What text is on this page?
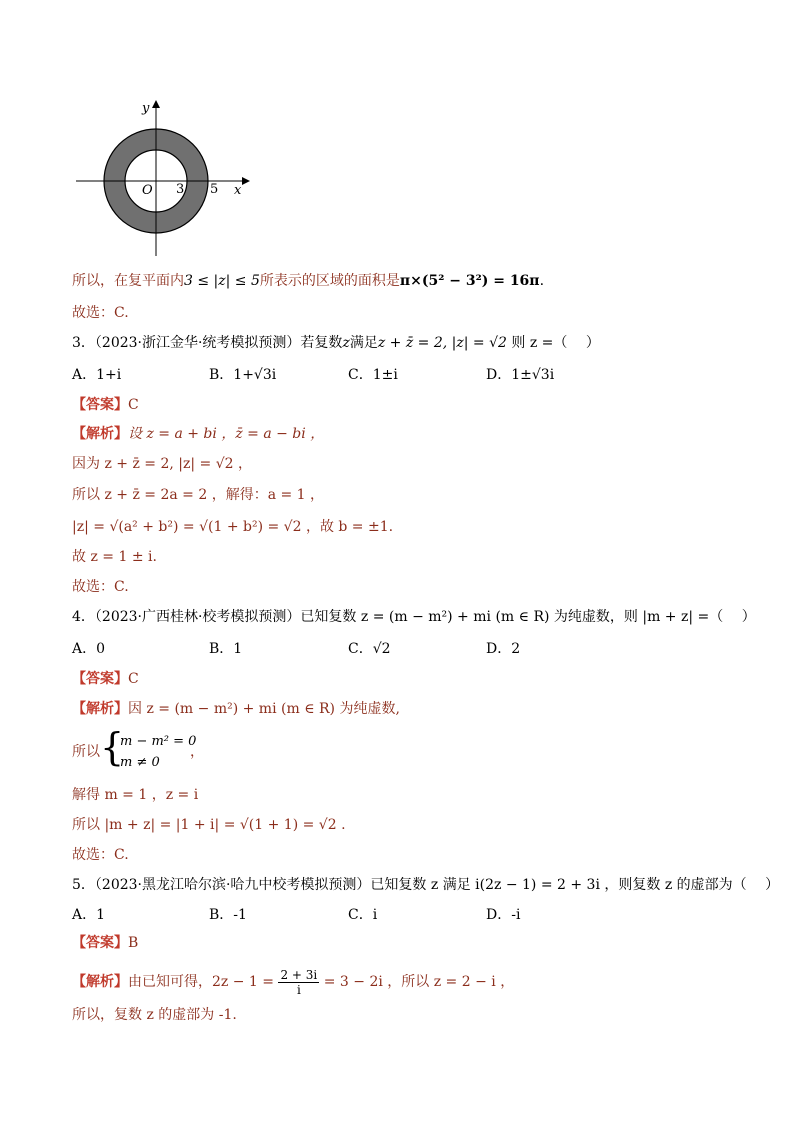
y
x
O 3 5
所以，在复平面内3 ≤ |z| ≤ 5所表示的区域的面积是π×(5² − 3²) = 16π.
故选：C.
3．（2023·浙江金华·统考模拟预测）若复数z满足z + z̄ = 2, |z| = √2 则 z =（　 ）
A．1+i	B．1+√3i	C．1±i	D．1±√3i
【答案】C
【解析】设 z = a + bi ，z̄ = a − bi ，
因为 z + z̄ = 2, |z| = √2 ，
所以 z + z̄ = 2a = 2 ，解得：a = 1 ，
|z| = √(a² + b²) = √(1 + b²) = √2 ，故 b = ±1.
故 z = 1 ± i.
故选：C.
4．（2023·广西桂林·校考模拟预测）已知复数 z = (m − m²) + mi (m ∈ R) 为纯虚数，则 |m + z| =（　 ）
A．0	B．1	C．√2	D．2
【答案】C
【解析】因 z = (m − m²) + mi (m ∈ R) 为纯虚数,
所以 {
m − m² = 0
m ≠ 0
，
解得 m = 1 ，z = i
所以 |m + z| = |1 + i| = √(1 + 1) = √2 .
故选：C.
5．（2023·黑龙江哈尔滨·哈九中校考模拟预测）已知复数 z 满足 i(2z − 1) = 2 + 3i ，则复数 z 的虚部为（　 ）
A．1	B．-1	C．i	D．-i
【答案】B
【解析】由已知可得，$2z - 1 = \frac{2 + 3i}{i} = 3 - 2i$ ，所以 z = 2 − i ，
所以，复数 z 的虚部为 -1.
